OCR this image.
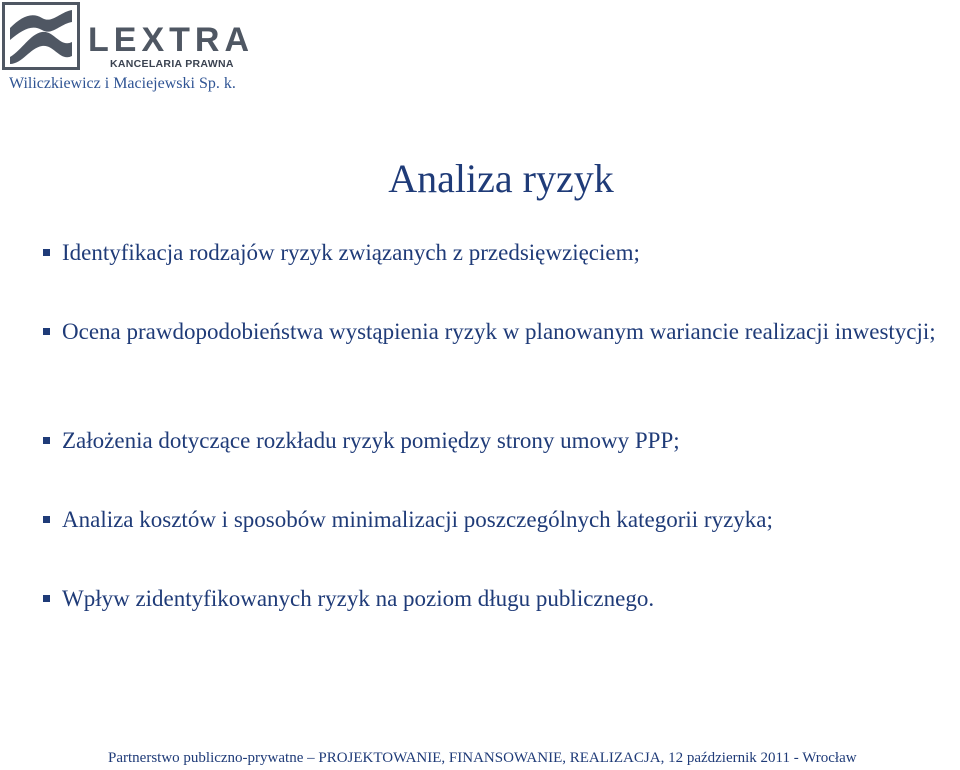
LEXTRA
KANCELARIA PRAWNA
Wiliczkiewicz i Maciejewski Sp. k.
Analiza ryzyk
Identyfikacja rodzajów ryzyk związanych z przedsięwzięciem;
Ocena prawdopodobieństwa wystąpienia ryzyk w planowanym wariancie realizacji inwestycji;
Założenia dotyczące rozkładu ryzyk pomiędzy strony umowy PPP;
Analiza kosztów i sposobów minimalizacji poszczególnych kategorii ryzyka;
Wpływ zidentyfikowanych ryzyk na poziom długu publicznego.
Partnerstwo publiczno-prywatne – PROJEKTOWANIE, FINANSOWANIE, REALIZACJA, 12 październik 2011 - Wrocław
